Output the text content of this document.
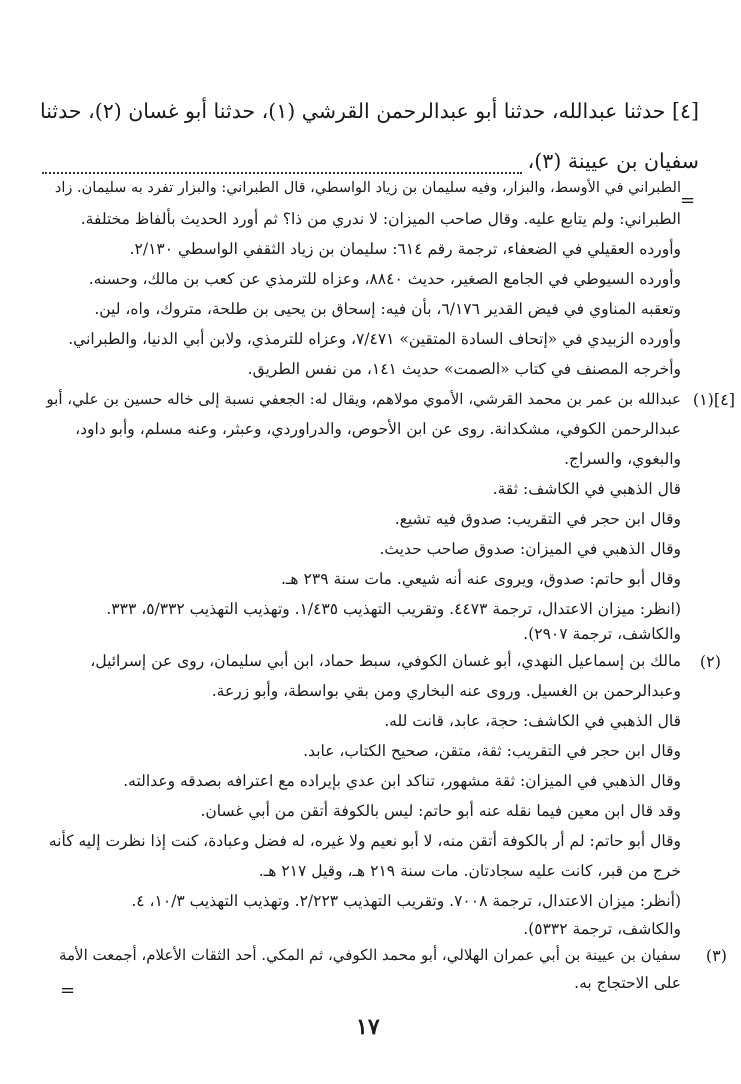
[٤] حدثنا عبدالله، حدثنا أبو عبدالرحمن القرشي (١)، حدثنا أبو غسان (٢)، حدثنا
سفيان بن عيينة (٣)،
=
الطبراني في الأوسط، والبزار، وفيه سليمان بن زياد الواسطي، قال الطبراني: والبزار تفرد به سليمان. زاد
الطبراني: ولم يتابع عليه. وقال صاحب الميزان: لا ندري من ذا؟ ثم أورد الحديث بألفاظ مختلفة.
وأورده العقيلي في الضعفاء، ترجمة رقم ٦١٤: سليمان بن زياد الثقفي الواسطي ٢/١٣٠.
وأورده السيوطي في الجامع الصغير، حديث ٨٨٤٠، وعزاه للترمذي عن كعب بن مالك، وحسنه.
وتعقبه المناوي في فيض القدير ٦/١٧٦، بأن فيه: إسحاق بن يحيى بن طلحة، متروك، واه، لين.
وأورده الزبيدي في «إتحاف السادة المتقين» ٧/٤٧١، وعزاه للترمذي، ولابن أبي الدنيا، والطبراني.
وأخرجه المصنف في كتاب «الصمت» حديث ١٤١، من نفس الطريق.
[٤](١)
عبدالله بن عمر بن محمد القرشي، الأموي مولاهم، ويقال له: الجعفي نسبة إلى خاله حسين بن علي، أبو
عبدالرحمن الكوفي، مشكدانة. روى عن ابن الأحوص، والدراوردي، وعبثر، وعنه مسلم، وأبو داود،
والبغوي، والسراج.
قال الذهبي في الكاشف: ثقة.
وقال ابن حجر في التقريب: صدوق فيه تشيع.
وقال الذهبي في الميزان: صدوق صاحب حديث.
وقال أبو حاتم: صدوق، ويروى عنه أنه شيعي. مات سنة ٢٣٩ هـ.
(انظر: ميزان الاعتدال، ترجمة ٤٤٧٣. وتقريب التهذيب ١/٤٣٥. وتهذيب التهذيب ٥/٣٣٢، ٣٣٣.
والكاشف، ترجمة ٢٩٠٧).
(٢)
مالك بن إسماعيل النهدي، أبو غسان الكوفي، سبط حماد، ابن أبي سليمان، روى عن إسرائيل،
وعبدالرحمن بن الغسيل. وروى عنه البخاري ومن بقي بواسطة، وأبو زرعة.
قال الذهبي في الكاشف: حجة، عابد، قانت لله.
وقال ابن حجر في التقريب: ثقة، متقن، صحيح الكتاب، عابد.
وقال الذهبي في الميزان: ثقة مشهور، تناكد ابن عدي بإيراده مع اعترافه بصدقه وعدالته.
وقد قال ابن معين فيما نقله عنه أبو حاتم: ليس بالكوفة أتقن من أبي غسان.
وقال أبو حاتم: لم أر بالكوفة أتقن منه، لا أبو نعيم ولا غيره، له فضل وعبادة، كنت إذا نظرت إليه كأنه
خرج من قبر، كانت عليه سجادتان. مات سنة ٢١٩ هـ، وقيل ٢١٧ هـ.
(أنظر: ميزان الاعتدال، ترجمة ٧٠٠٨. وتقريب التهذيب ٢/٢٢٣. وتهذيب التهذيب ١٠/٣، ٤.
والكاشف، ترجمة ٥٣٣٢).
(٣)
سفيان بن عيينة بن أبي عمران الهلالي، أبو محمد الكوفي، ثم المكي. أحد الثقات الأعلام، أجمعت الأمة
على الاحتجاج به.
=
١٧
